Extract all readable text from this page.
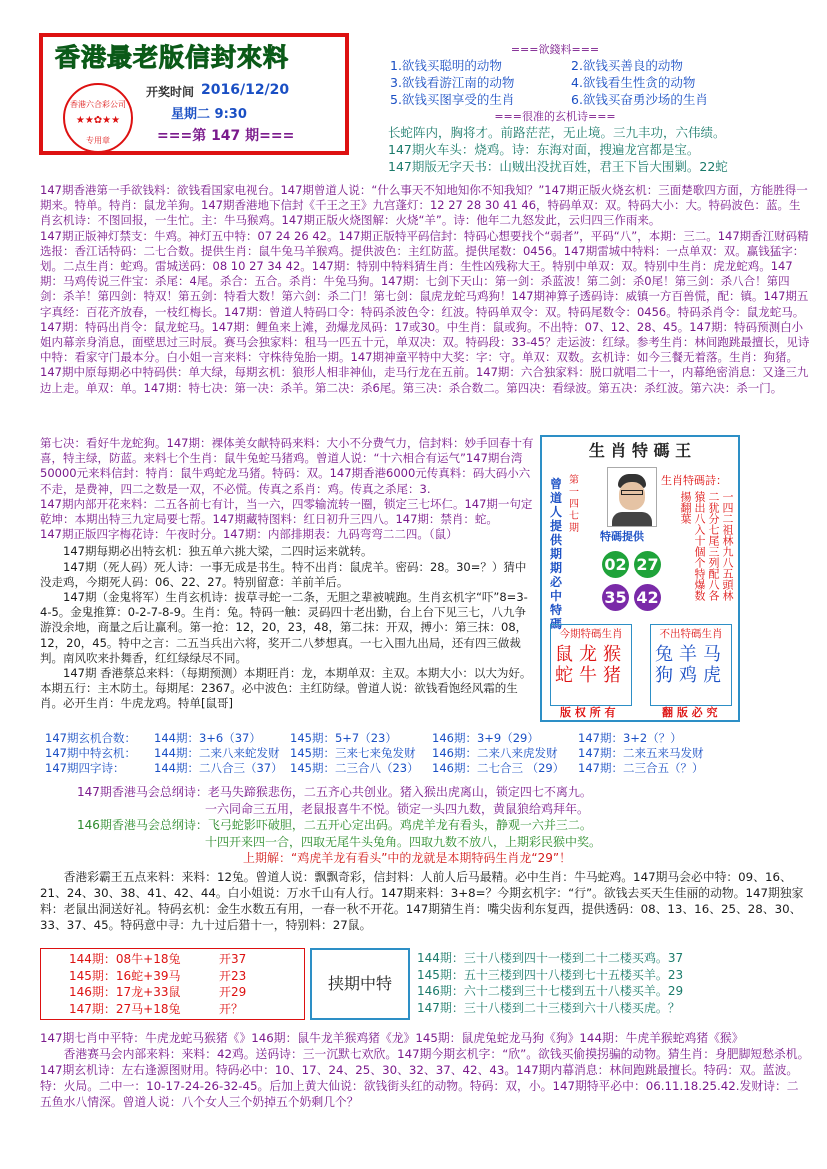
香港最老版信封來料
香港六合彩公司
★★✿★★
专用章
开奖时间 2016/12/20
星期二 9:30
===第 147 期===
===欲錢料===
1.欲钱买聪明的动物	2.欲钱买善良的动物
3.欲钱看游江南的动物	4.欲钱看生性贪的动物
5.欲钱买图享受的生肖	6.欲钱买奋勇沙场的生肖
===很准的玄机诗===
长蛇阵内，胸将才。前路茫茫，无止境。三九丰功，六伟绩。
147期火车头：烧鸡。诗：东海对面，搜遍龙宫都是宝。
147期版无字天书：山贼出没扰百姓，君王下旨大围剿。22蛇

147期香港第一手欲钱料：欲钱看国家电视台。147期曾道人说：“什么事天不知地知你不知我知？”147期正版火烧玄机：三面楚歌四方面，方能胜得一期来。特单。特肖：鼠龙羊狗。147期香港地下信封《千王之王》九宫蓬灯：12 27 28 30 41 46，特码单双：双。特码大小：大。特码波色：蓝。生肖玄机诗：不图回报，一生忙。主：牛马猴鸡。147期正版火烧图解：火烧“羊”。诗：他年二九怒发此，云归四三作雨来。

147期正版神灯禁支：牛鸡。神灯五中特：07 24 26 42。147期正版特平码信封：特码心想要找个“弱者”，平码“八”，本期：三二。147期香江财码精选报：香江话特码：二七合数。提供生肖：鼠牛兔马羊猴鸡。提供波色：主红防蓝。提供尾数：0456。147期雷城中特料：一点单双：双。赢钱猛字：划。二点生肖：蛇鸡。雷城送码：08 10 27 34 42。147期：特别中特料猜生肖：生性凶残称大王。特别中单双：双。特别中生肖：虎龙蛇鸡。147期：马鸡传说三件宝：杀尾：4尾。杀合：五合。杀肖：牛兔马狗。147期：七剑下天山：第一剑：杀蓝波！第二剑：杀0尾！第三剑：杀八合！第四剑：杀羊！第四剑：特双！第五剑：特看大数！第六剑：杀二门！第七剑：鼠虎龙蛇马鸡狗！147期神算子透码诗：威镇一方百兽慌，配：镇。147期五字真经：百花齐放春，一枝红梅长。147期：曾道人特码口令：特码杀波色令：红波。特码单双令：双。特码尾数令：0456。特码杀肖令：鼠龙蛇马。147期：特码出肖令：鼠龙蛇马。147期：鲤鱼来上滩，劲爆龙凤码：17或30。中生肖：鼠或狗。不出特：07、12、28、45。147期：特码预测白小姐内幕亲身消息，面壁思过三时辰。赛马会独家料：租马一匹五十元，单双决：双。特码段：33-45？走运波：红绿。参考生肖：林间跑跳最擅长，见诗中特：看家守门最本分。白小姐一言来料：守株待兔胎一期。147期神童平特中大奖：字：守。单双：双数。玄机诗：如今三餐无着落。生肖：狗猪。147期中原每期必中特码供：单大绿，每期玄机：狼形人相非神仙，走马行龙在五前。147期：六合独家料：脱口就唱二十一，内幕绝密消息：又逢三九边上走。单双：单。147期：特七决：第一决：杀羊。第二决：杀6尾。第三决：杀合数二。第四决：看绿波。第五决：杀红波。第六决：杀一门。

第七决：看好牛龙蛇狗。147期：裸体美女献特码来料：大小不分费气力，信封料：妙手回春十有喜，特主绿，防蓝。来料七个生肖：鼠牛兔蛇马猪鸡。曾道人说：“十六相合有运气”147期台湾50000元来料信封：特肖：鼠牛鸡蛇龙马猪。特码：双。147期香港6000元传真料：码大码小六不走，是费神，四二之数是一双，不必慌。传真之系肖：鸡。传真之杀尾：3.

147期内部开花来料：二五各前七有计，当一六，四零输流转一圈，锁定三七坏仁。147期一句定乾坤：本期出特三九定局要七帮。147期藏特图料：红日初升三四八。147期：禁肖：蛇。

147期正版四字梅花诗：午夜时分。147期：内部排期表：九码弯弯二二四。（鼠）

147期每期必出特玄机：独五单六挑大梁，二四时运来就转。

147期（死人码）死人诗：一事无成是书生。特不出肖：鼠虎羊。密码：28。30=？）猜中没走鸡，今期死人码：06、22、27。特别留意：羊前羊后。

147期（金鬼将军）生肖玄机诗：拔草寻蛇一二条，无胆之辈被唬跑。生肖玄机字“吓”8=3-4-5。金鬼推算：0-2-7-8-9。生肖：兔。特码一触：灵码四十老出勤，台上台下见三七，八九争游没余地，商量之后让赢利。第一抢：12，20，23，48，第二抹：开双，搏小：第三抹：08，12，20，45。特中之言：二五当兵出六将，奖开二八梦想真。一七入围九出局，还有四三做裁判。南风吹来扑舞香，红红绿绿尽不同。

147期 香港蔡总来料：（每期预测）本期旺肖：龙，本期单双：主双。本期大小：以大为好。本期五行：主木防土。每期尾：2367。必中波色：主红防绿。曾道人说：欲钱看饱经风霜的生肖。必开生肖：牛虎龙鸡。特单[鼠哥]

生 肖 特 碼 王
曾道人提供期期必中特碼
第一四七期
生肖特碼詩：
一四二祖林九八五頭林二犹分七尾三列配八各猿出八入十個个特爆数揚翻葉
特碼提供
02 27
35 42
今期特碼生肖
鼠 龙 猴
蛇 牛 猪
不出特碼生肖
兔 羊 马
狗 鸡 虎
版 权 所 有	翻 版 必 究
147期玄机合数：	144期：3+6（37）	145期：5+7（23）	146期：3+9（29）	147期：3+2（？）
147期中特玄机：	144期：二来八来蛇发财	145期：三来七来兔发财	146期：二来八来虎发财	147期：二来五来马发财
147期四字诗：	144期：二八合三（37）	145期：二三合八（23）	146期：二七合三 （29）	147期：二三合五（？）
147期香港马会总纲诗：老马失蹄猴悲伤，二五齐心共创业。猪入猴出虎离山，锁定四七不离九。
一六同命三五用，老鼠报喜牛不悦。锁定一头四九数，黄鼠狼给鸡拜年。
146期香港马会总纲诗：飞弓蛇影吓破胆，二五开心定出码。鸡虎羊龙有看头，静观一六并三二。
十四开来四一合，四取无尾牛头兔角。四取九数不放八，上期彩民猴中奖。
上期解：“鸡虎羊龙有看头”中的龙就是本期特码生肖龙“29”！

香港彩霸王五点来料：来料：12兔。曾道人说：飘飘奇彩，信封料：人前人后马最精。必中生肖：牛马蛇鸡。147期马会必中特：09、16、21、24、30、38、41、42、44。白小姐说：万水千山有人行。147期来料：3+8=？今期玄机字：“行”。欲钱去买天生佳丽的动物。147期独家料：老鼠出洞送好礼。特码玄机：金生水数五有用，一春一秋不开花。147期猜生肖：嘴尖齿利东复西，提供透码：08、13、16、25、28、30、33、37、45。特码意中寻：九十过后猎十一，特别料：27鼠。

144期：08牛+18兔	开37
145期：16蛇+39马	开23
146期：17龙+33鼠	开29
147期：27马+18兔	开？
挟期中特
144期：三十八楼到四十一楼到二十二楼买鸡。37
145期：五十三楼到四十八楼到七十五楼买羊。23
146期：六十二楼到三十七楼到五十八楼买羊。29
147期：三十八楼到二十三楼到六十八楼买虎。？

147期七肖中平特：牛虎龙蛇马猴猪《》146期：鼠牛龙羊猴鸡猪《龙》145期：鼠虎兔蛇龙马狗《狗》144期：牛虎羊猴蛇鸡猪《猴》

香港赛马会内部来料：来料：42鸡。送码诗：三一沉默七欢欣。147期今期玄机字：“欣”。欲钱买偷摸拐骗的动物。猜生肖：身肥脚短愁杀机。147期玄机诗：左右逢源图财用。特码必中：10、17、24、25、30、32、37、42、43。147期内幕消息：林间跑跳最擅长。特码：双。蓝波。特：火局。二中一：10-17-24-26-32-45。后加上黄大仙说：欲钱街头红的动物。特码：双，小。147期特平必中：06.11.18.25.42.发财诗：二五鱼水八情深。曾道人说：八个女人三个奶掉五个奶剩几个？
